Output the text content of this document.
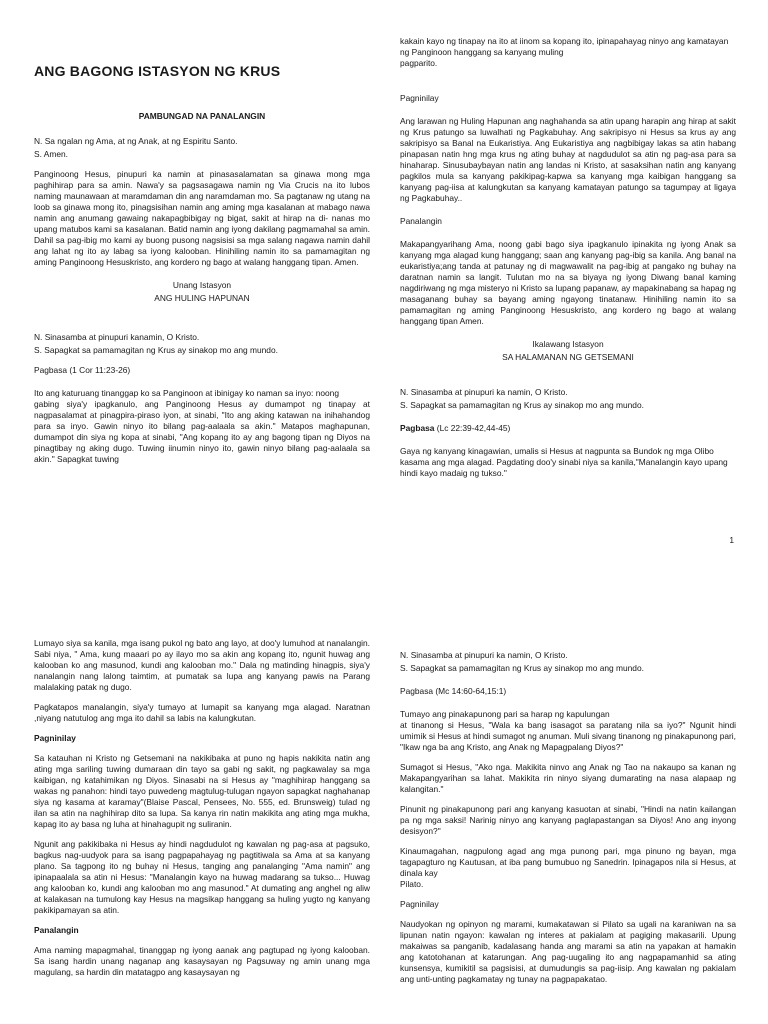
ANG BAGONG ISTASYON NG KRUS
PAMBUNGAD NA PANALANGIN

N. Sa ngalan ng Ama, at ng Anak, at ng Espiritu Santo.

S. Amen.

Panginoong Hesus, pinupuri ka namin at pinasasalamatan sa ginawa mong mga paghihirap para sa amin. Nawa'y sa pagsasagawa namin ng Via Crucis na ito lubos naming maunawaan at maramdaman din ang naramdaman mo. Sa pagtanaw ng utang na loob sa ginawa mong ito, pinagsisihan namin ang aming mga kasalanan at mabago nawa namin ang anumang gawaing nakapagbibigay ng bigat, sakit at hirap na di- nanas mo upang matubos kami sa kasalanan. Batid namin ang iyong dakilang pagmamahal sa amin. Dahil sa pag-ibig mo kami ay buong pusong nagsisisi sa mga salang nagawa namin dahil ang lahat ng ito ay labag sa iyong kalooban. Hinihiling namin ito sa pamamagitan ng aming Panginoong Hesuskristo, ang kordero ng bago at walang hanggang tipan. Amen.

Unang Istasyon

ANG HULING HAPUNAN

N. Sinasamba at pinupuri kanamin, O Kristo.

S. Sapagkat sa pamamagitan ng Krus ay sinakop mo ang mundo.

Pagbasa (1 Cor 11:23-26)

Ito ang katuruang tinanggap ko sa Panginoon at ibinigay ko naman sa inyo: noong

gabing siya'y ipagkanulo, ang Panginoong Hesus ay dumampot ng tinapay at nagpasalamat at pinagpira-piraso iyon, at sinabi, "Ito ang aking katawan na inihahandog para sa inyo. Gawin ninyo ito bilang pag-aalaala sa akin." Matapos maghapunan, dumampot din siya ng kopa at sinabi, "Ang kopang ito ay ang bagong tipan ng Diyos na pinagtibay ng aking dugo. Tuwing iinumin ninyo ito, gawin ninyo bilang pag-aalaala sa akin." Sapagkat tuwing

kakain kayo ng tinapay na ito at iinom sa kopang ito, ipinapahayag ninyo ang kamatayan ng Panginoon hanggang sa kanyang muling
pagparito.

Pagninilay

Ang larawan ng Huling Hapunan ang naghahanda sa atin upang harapin ang hirap at sakit ng Krus patungo sa luwalhati ng Pagkabuhay. Ang sakripisyo ni Hesus sa krus ay ang sakripisyo sa Banal na Eukaristiya. Ang Eukaristiya ang nagbibigay lakas sa atin habang pinapasan natin hng mga krus ng ating buhay at nagdudulot sa atin ng pag-asa para sa hinaharap. Sinusubaybayan natin ang landas ni Kristo, at sasaksihan natin ang kanyang pagkilos mula sa kanyang pakikipag-kapwa sa kanyang mga kaibigan hanggang sa kanyang pag-iisa at kalungkutan sa kanyang kamatayan patungo sa tagumpay at ligaya ng Pagkabuhay..

Panalangin

Makapangyarihang Ama, noong gabi bago siya ipagkanulo ipinakita ng iyong Anak sa kanyang mga alagad kung hanggang; saan ang kanyang pag-ibig sa kanila. Ang banal na eukaristiya;ang tanda at patunay ng di magwawalit na pag-ibig at pangako ng buhay na daratnan namin sa langit. Tulutan mo na sa biyaya ng iyong Diwang banal kaming nagdiriwang ng mga misteryo ni Kristo sa lupang papanaw, ay mapakinabang sa hapag ng masaganang buhay sa bayang aming ngayong tinatanaw. Hinihiling namin ito sa pamamagitan ng aming Panginoong Hesuskristo, ang kordero ng bago at walang hanggang tipan Amen.

Ikalawang Istasyon

SA HALAMANAN NG GETSEMANI

N. Sinasamba at pinupuri ka namin, O Kristo.

S. Sapagkat sa pamamagitan ng Krus ay sinakop mo ang mundo.

Pagbasa (Lc 22:39-42,44-45)

Gaya ng kanyang kinagawian, umalis si Hesus at nagpunta sa Bundok ng mga Olibo
kasama ang mga alagad. Pagdating doo'y sinabi niya sa kanila,"Manalangin kayo upang
hindi kayo madaig ng tukso."

1

Lumayo siya sa kanila, mga isang pukol ng bato ang layo, at doo'y lumuhod at nanalangin. Sabi niya, " Ama, kung maaari po ay ilayo mo sa akin ang kopang ito, ngunit huwag ang kalooban ko ang masunod, kundi ang kalooban mo." Dala ng matinding hinagpis, siya'y nanalangin nang lalong taimtim, at pumatak sa lupa ang kanyang pawis na Parang malalaking patak ng dugo.

Pagkatapos manalangin, siya'y tumayo at lumapit sa kanyang mga alagad. Naratnan ,niyang natutulog ang mga ito dahil sa labis na kalungkutan.

Pagninilay

Sa katauhan ni Kristo ng Getsemani na nakikibaka at puno ng hapis nakikita natin ang ating mga sariling tuwing dumaraan din tayo sa gabi ng sakit, ng pagkawalay sa mga kaibigan, ng katahimikan ng Diyos. Sinasabi na si Hesus ay "maghihirap hanggang sa wakas ng panahon: hindi tayo puwedeng magtulug-tulugan ngayon sapagkat naghahanap siya ng kasama at karamay"(Blaise Pascal, Pensees, No. 555, ed. Brunsweig) tulad ng ilan sa atin na naghihirap dito sa lupa. Sa kanya rin natin makikita ang ating mga mukha, kapag ito ay basa ng luha at hinahagupit ng suliranin.

Ngunit ang pakikibaka ni Hesus ay hindi nagdudulot ng kawalan ng pag-asa at pagsuko, bagkus nag-uudyok para sa isang pagpapahayag ng pagtitiwala sa Ama at sa kanyang plano. Sa tagpong ito ng buhay ni Hesus, tanging ang panalanging "Ama namin" ang ipinapaalala sa atin ni Hesus: "Manalangin kayo na huwag madarang sa tukso... Huwag ang kalooban ko, kundi ang kalooban mo ang masunod." At dumating ang anghel ng aliw at kalakasan na tumulong kay Hesus na magsikap hanggang sa huling yugto ng kanyang pakikipamayan sa atin.

Panalangin

Ama naming mapagmahal, tinanggap ng iyong aanak ang pagtupad ng iyong kalooban. Sa isang hardin unang naganap ang kasaysayan ng Pagsuway ng amin unang mga magulang, sa hardin din matatagpo ang kasaysayan ng

N. Sinasamba at pinupuri ka namin, O Kristo.

S. Sapagkat sa pamamagitan ng Krus ay sinakop mo ang mundo.

Pagbasa (Mc 14:60-64,15:1)

Tumayo ang pinakapunong pari sa harap ng kapulungan
at tinanong si Hesus, "Wala ka bang isasagot sa paratang nila sa iyo?" Ngunit hindi umimik si Hesus at hindi sumagot ng anuman. Muli sivang tinanong ng pinakapunong pari, "Ikaw nga ba ang Kristo, ang Anak ng Mapagpalang Diyos?"

Sumagot si Hesus, "Ako nga. Makikita ninvo ang Anak ng Tao na nakaupo sa kanan ng Makapangyarihan sa lahat. Makikita rin ninyo siyang dumarating na nasa alapaap ng kalangitan."

Pinunit ng pinakapunong pari ang kanyang kasuotan at sinabi, "Hindi na natin kailangan pa ng mga saksi! Narinig ninyo ang kanyang paglapastangan sa Diyos! Ano ang inyong desisyon?"

Kinaumagahan, nagpulong agad ang mga punong pari, mga pinuno ng bayan, mga tagapagturo ng Kautusan, at iba pang bumubuo ng Sanedrin. Ipinagapos nila si Hesus, at dinala kay
Pilato.

Pagninilay

Naudyokan ng opinyon ng marami, kumakatawan si Pilato sa ugali na karaniwan na sa lipunan natin ngayon: kawalan ng interes at pakialam at pagiging makasarili. Upung makaiwas sa panganib, kadalasang handa ang marami sa atin na yapakan at hamakin ang katotohanan at katarungan. Ang pag-uugaling ito ang nagpapamanhid sa ating kunsensya, kumikitil sa pagsisisi, at dumudungis sa pag-iisip. Ang kawalan ng pakialam ang unti-unting pagkamatay ng tunay na pagpapakatao.
